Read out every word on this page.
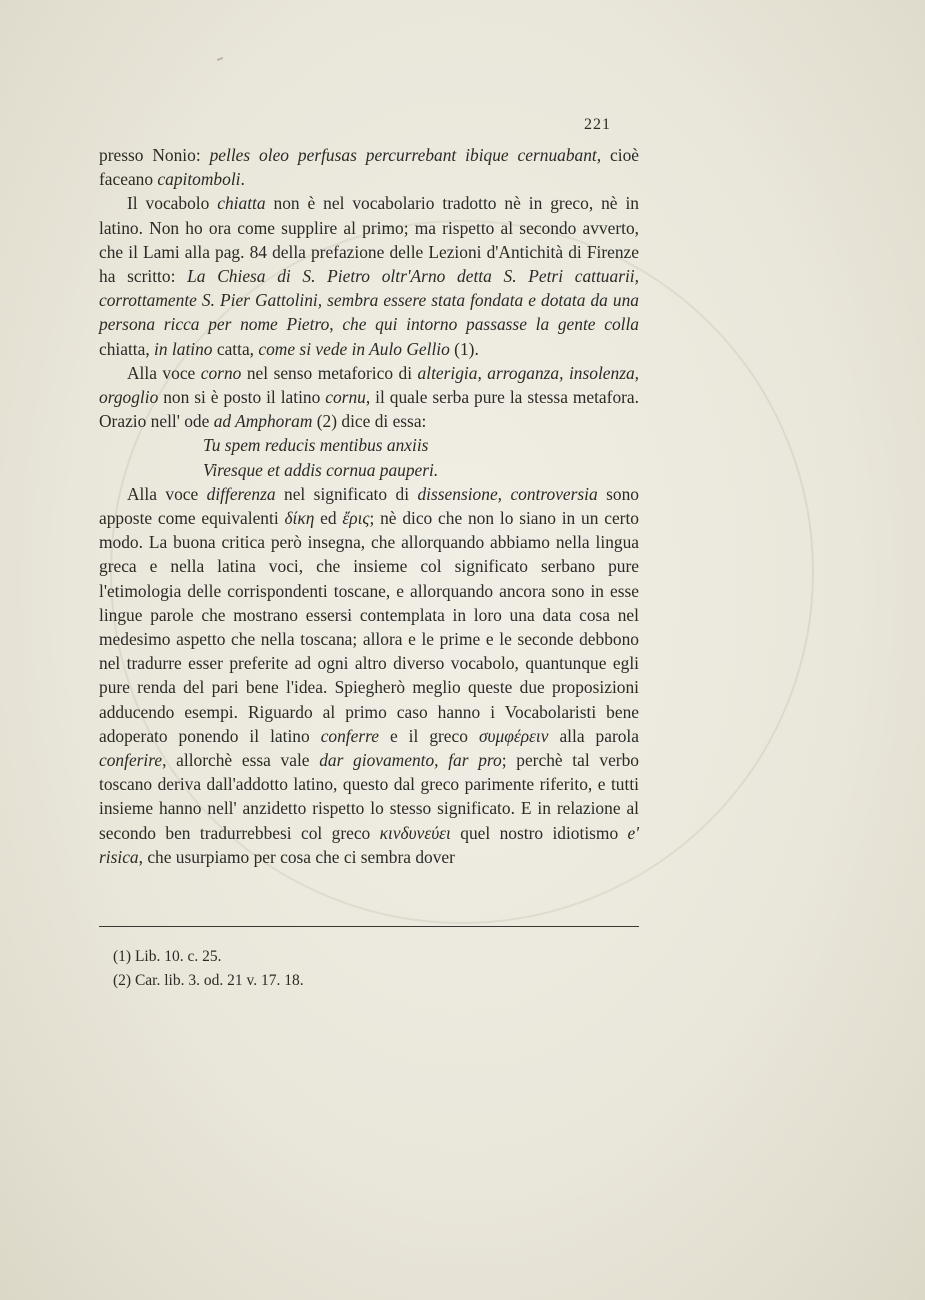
221

presso Nonio: pelles oleo perfusas percurrebant ibique cernuabant, cioè faceano capitomboli.

Il vocabolo chiatta non è nel vocabolario tradotto nè in greco, nè in latino. Non ho ora come supplire al primo; ma rispetto al secondo avverto, che il Lami alla pag. 84 della prefazione delle Lezioni d'Antichità di Firenze ha scritto: La Chiesa di S. Pietro oltr'Arno detta S. Petri cattuarii, corrottamente S. Pier Gattolini, sembra essere stata fondata e dotata da una persona ricca per nome Pietro, che qui intorno passasse la gente colla chiatta, in latino catta, come si vede in Aulo Gellio (1).

Alla voce corno nel senso metaforico di alterigia, arroganza, insolenza, orgoglio non si è posto il latino cornu, il quale serba pure la stessa metafora. Orazio nell' ode ad Amphoram (2) dice di essa:

Tu spem reducis mentibus anxiis

Viresque et addis cornua pauperi.

Alla voce differenza nel significato di dissensione, controversia sono apposte come equivalenti δίκη ed ἔρις; nè dico che non lo siano in un certo modo. La buona critica però insegna, che allorquando abbiamo nella lingua greca e nella latina voci, che insieme col significato serbano pure l'etimologia delle corrispondenti toscane, e allorquando ancora sono in esse lingue parole che mostrano essersi contemplata in loro una data cosa nel medesimo aspetto che nella toscana; allora e le prime e le seconde debbono nel tradurre esser preferite ad ogni altro diverso vocabolo, quantunque egli pure renda del pari bene l'idea. Spiegherò meglio queste due proposizioni adducendo esempi. Riguardo al primo caso hanno i Vocabolaristi bene adoperato ponendo il latino conferre e il greco συμφέρειν alla parola conferire, allorchè essa vale dar giovamento, far pro; perchè tal verbo toscano deriva dall'addotto latino, questo dal greco parimente riferito, e tutti insieme hanno nell' anzidetto rispetto lo stesso significato. E in relazione al secondo ben tradurrebbesi col greco κινδυνεύει quel nostro idiotismo e' risica, che usurpiamo per cosa che ci sembra dover

(1) Lib. 10. c. 25.

(2) Car. lib. 3. od. 21 v. 17. 18.
